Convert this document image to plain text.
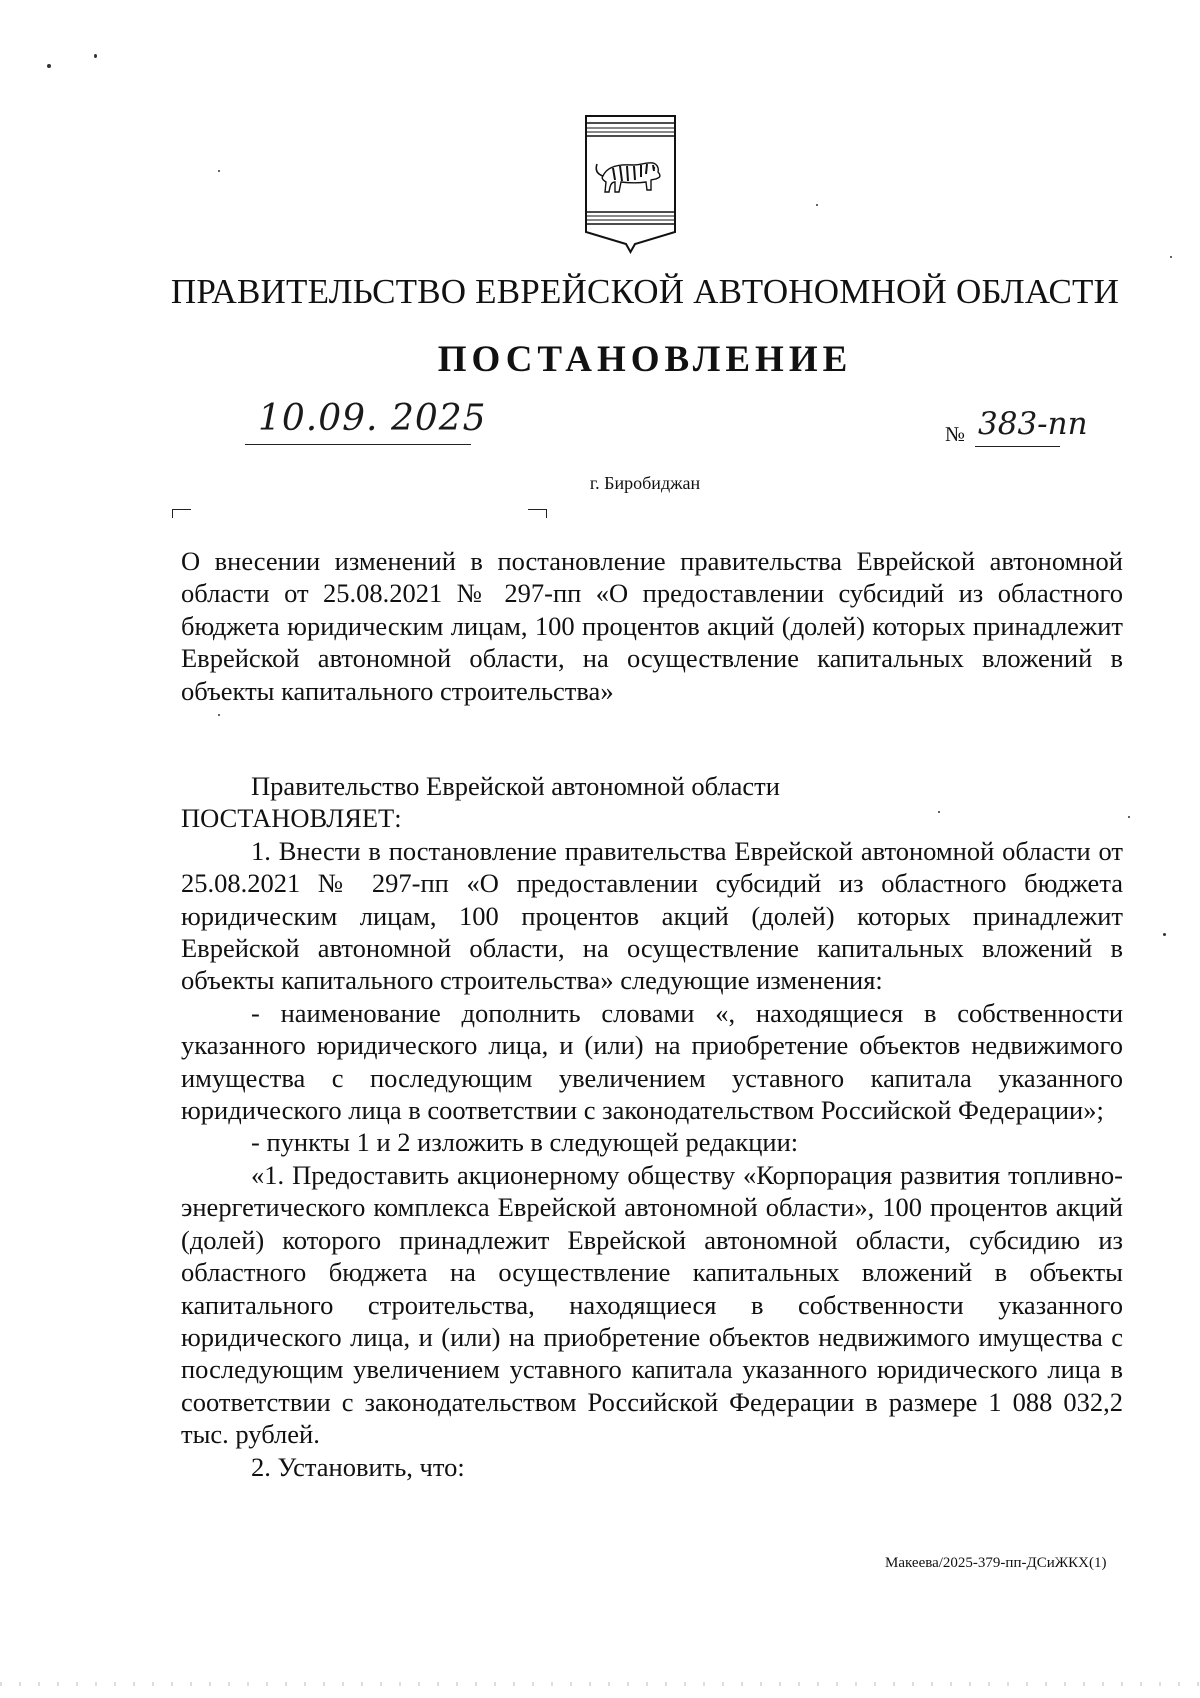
ПРАВИТЕЛЬСТВО ЕВРЕЙСКОЙ АВТОНОМНОЙ ОБЛАСТИ
ПОСТАНОВЛЕНИЕ
10.09. 2025	№ 383-пп
г. Биробиджан
О внесении изменений в постановление правительства Еврейской автономной области от 25.08.2021 № 297-пп «О предоставлении субсидий из областного бюджета юридическим лицам, 100 процентов акций (долей) которых принадлежит Еврейской автономной области, на осуществление капитальных вложений в объекты капитального строительства»

Правительство Еврейской автономной области

ПОСТАНОВЛЯЕТ:

1. Внести в постановление правительства Еврейской автономной области от 25.08.2021 № 297-пп «О предоставлении субсидий из областного бюджета юридическим лицам, 100 процентов акций (долей) которых принадлежит Еврейской автономной области, на осуществление капитальных вложений в объекты капитального строительства» следующие изменения:

- наименование дополнить словами «, находящиеся в собственности указанного юридического лица, и (или) на приобретение объектов недвижимого имущества с последующим увеличением уставного капитала указанного юридического лица в соответствии с законодательством Российской Федерации»;

- пункты 1 и 2 изложить в следующей редакции:

«1. Предоставить акционерному обществу «Корпорация развития топливно-энергетического комплекса Еврейской автономной области», 100 процентов акций (долей) которого принадлежит Еврейской автономной области, субсидию из областного бюджета на осуществление капитальных вложений в объекты капитального строительства, находящиеся в собственности указанного юридического лица, и (или) на приобретение объектов недвижимого имущества с последующим увеличением уставного капитала указанного юридического лица в соответствии с законодательством Российской Федерации в размере 1 088 032,2 тыс. рублей.

2. Установить, что:

Макеева/2025-379-пп-ДСиЖКХ(1)
